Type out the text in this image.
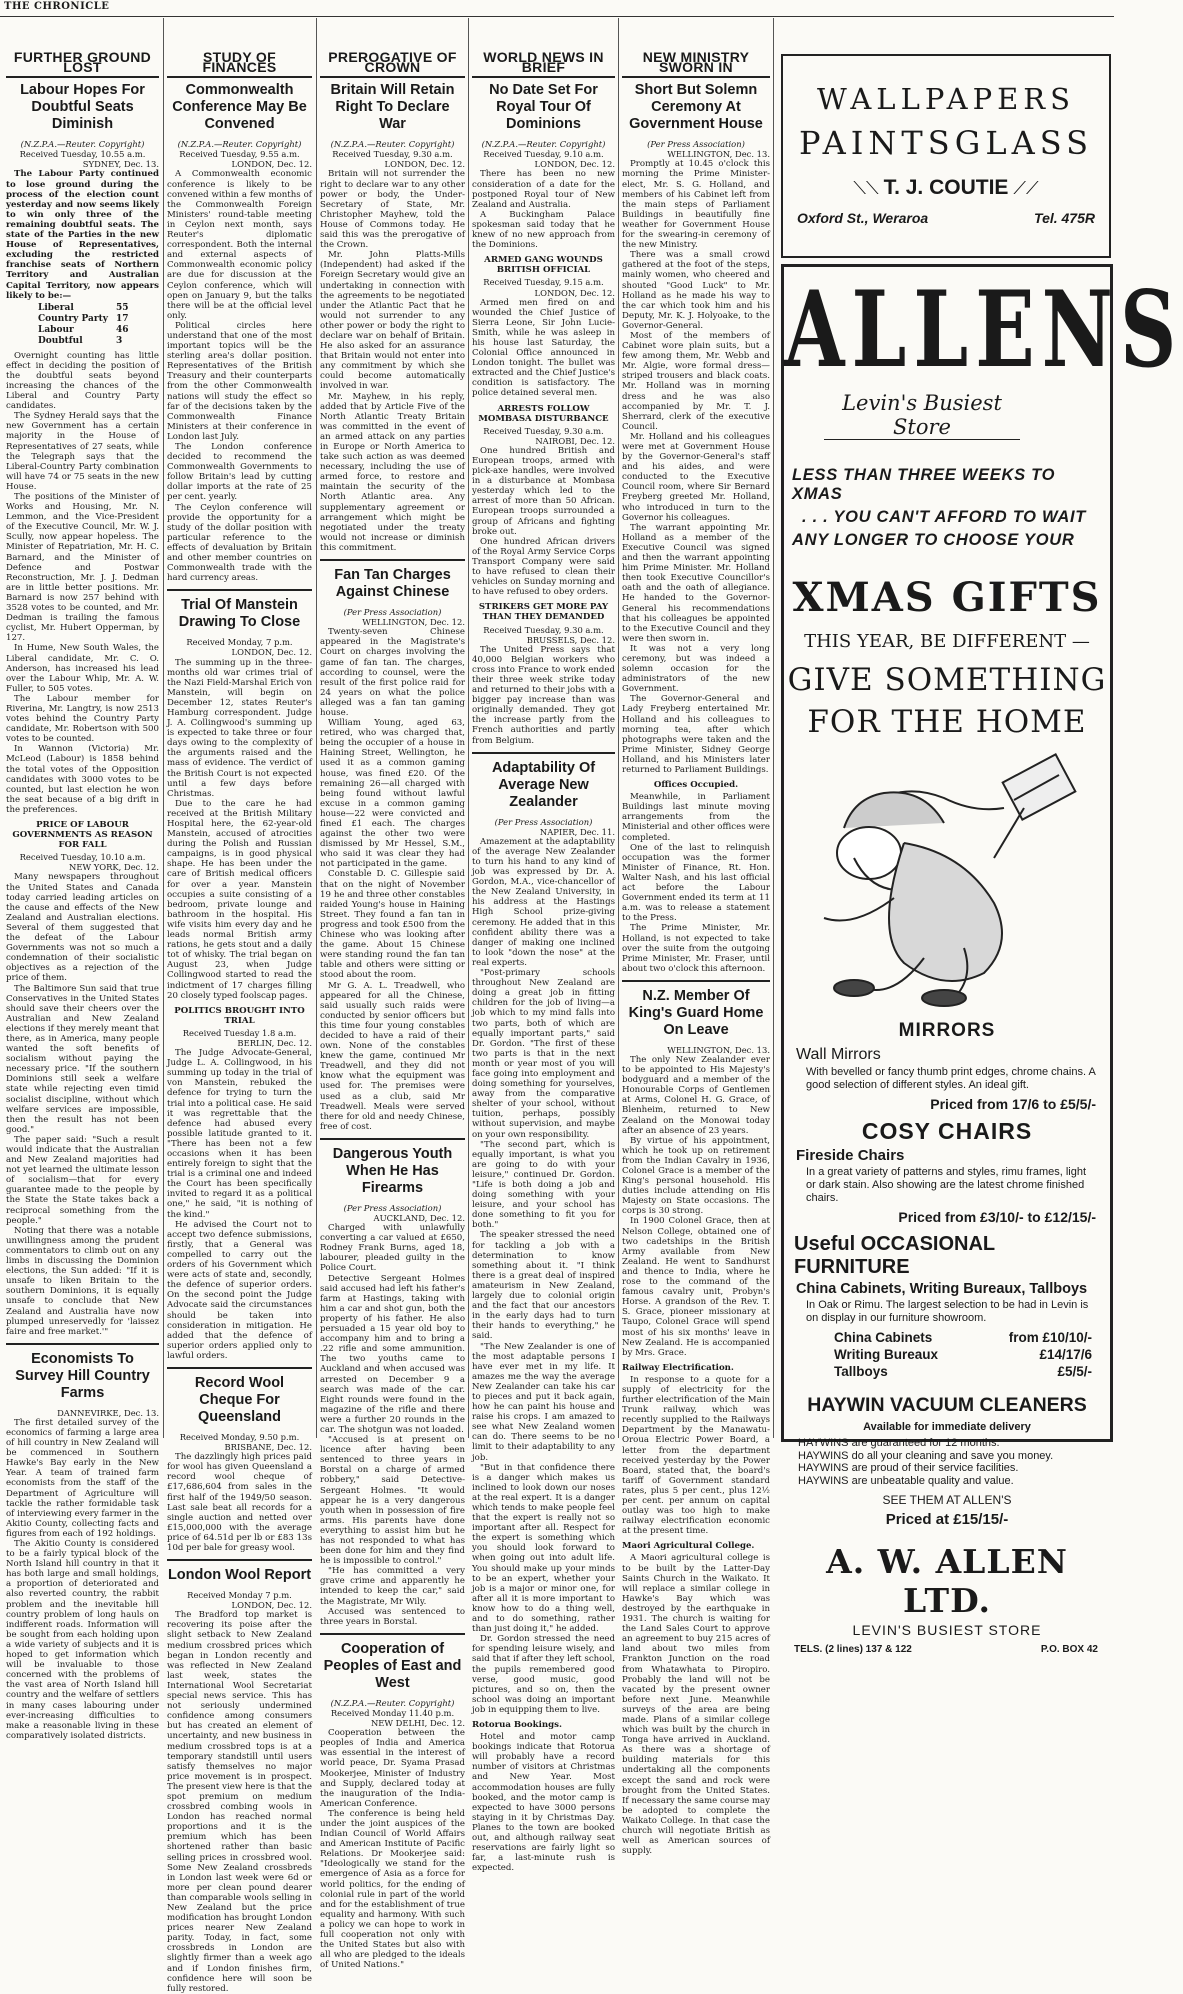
THE CHRONICLE
FURTHER GROUND LOST
Labour Hopes For Doubtful Seats Diminish
(N.Z.P.A.—Reuter. Copyright)
Received Tuesday, 10.55 a.m.
SYDNEY, Dec. 13.

The Labour Party continued to lose ground during the process of the election count yesterday and now seems likely to win only three of the remaining doubtful seats. The state of the Parties in the new House of Representatives, excluding the restricted franchise seats of Northern Territory and Australian Capital Territory, now appears likely to be:—

Liberal	55
Country Party	17
Labour	46
Doubtful	3

Overnight counting has little effect in deciding the position of the doubtful seats beyond increasing the chances of the Liberal and Country Party candidates.

The Sydney Herald says that the new Government has a certain majority in the House of Representatives of 27 seats, while the Telegraph says that the Liberal-Country Party combination will have 74 or 75 seats in the new House.

The positions of the Minister of Works and Housing, Mr. N. Lemmon, and the Vice-President of the Executive Council, Mr. W. J. Scully, now appear hopeless. The Minister of Repatriation, Mr. H. C. Barnard, and the Minister of Defence and Postwar Reconstruction, Mr. J. J. Dedman are in little better positions. Mr. Barnard is now 257 behind with 3528 votes to be counted, and Mr. Dedman is trailing the famous cyclist, Mr. Hubert Opperman, by 127.

In Hume, New South Wales, the Liberal candidate, Mr. C. O. Anderson, has increased his lead over the Labour Whip, Mr. A. W. Fuller, to 505 votes.

The Labour member for Riverina, Mr. Langtry, is now 2513 votes behind the Country Party candidate, Mr. Robertson with 500 votes to be counted.

In Wannon (Victoria) Mr. McLeod (Labour) is 1858 behind the total votes of the Opposition candidates with 3000 votes to be counted, but last election he won the seat because of a big drift in the preferences.

PRICE OF LABOUR GOVERNMENTS AS REASON FOR FALL
Received Tuesday, 10.10 a.m.
NEW YORK, Dec. 12.

Many newspapers throughout the United States and Canada today carried leading articles on the cause and effects of the New Zealand and Australian elections. Several of them suggested that the defeat of the Labour Governments was not so much a condemnation of their socialistic objectives as a rejection of the price of them.

The Baltimore Sun said that true Conservatives in the United States should save their cheers over the Australian and New Zealand elections if they merely meant that there, as in America, many people wanted the soft benefits of socialism without paying the necessary price. "If the southern Dominions still seek a welfare state while rejecting even timid socialist discipline, without which welfare services are impossible, then the result has not been good."

The paper said: "Such a result would indicate that the Australian and New Zealand majorities had not yet learned the ultimate lesson of socialism—that for every guarantee made to the people by the State the State takes back a reciprocal something from the people."

Noting that there was a notable unwillingness among the prudent commentators to climb out on any limbs in discussing the Dominion elections, the Sun added: "If it is unsafe to liken Britain to the southern Dominions, it is equally unsafe to conclude that New Zealand and Australia have now plumped unreservedly for 'laissez faire and free market.'"

Economists To Survey Hill Country Farms
DANNEVIRKE, Dec. 13.

The first detailed survey of the economics of farming a large area of hill country in New Zealand will be commenced in Southern Hawke's Bay early in the New Year. A team of trained farm economists from the staff of the Department of Agriculture will tackle the rather formidable task of interviewing every farmer in the Akitio County, collecting facts and figures from each of 192 holdings.

The Akitio County is considered to be a fairly typical block of the North Island hill country in that it has both large and small holdings, a proportion of deteriorated and also reverted country, the rabbit problem and the inevitable hill country problem of long hauls on indifferent roads. Information will be sought from each holding upon a wide variety of subjects and it is hoped to get information which will be invaluable to those concerned with the problems of the vast area of North Island hill country and the welfare of settlers in many cases labouring under ever-increasing difficulties to make a reasonable living in these comparatively isolated districts.

STUDY OF FINANCES
Commonwealth Conference May Be Convened
(N.Z.P.A.—Reuter. Copyright)
Received Tuesday, 9.55 a.m.
LONDON, Dec. 12.

A Commonwealth economic conference is likely to be convened within a few months of the Commonwealth Foreign Ministers' round-table meeting in Ceylon next month, says Reuter's diplomatic correspondent. Both the internal and external aspects of Commonwealth economic policy are due for discussion at the Ceylon conference, which will open on January 9, but the talks there will be at the official level only.

Political circles here understand that one of the most important topics will be the sterling area's dollar position. Representatives of the British Treasury and their counterparts from the other Commonwealth nations will study the effect so far of the decisions taken by the Commonwealth Finance Ministers at their conference in London last July.

The London conference decided to recommend the Commonwealth Governments to follow Britain's lead by cutting dollar imports at the rate of 25 per cent. yearly.

The Ceylon conference will provide the opportunity for a study of the dollar position with particular reference to the effects of devaluation by Britain and other member countries on Commonwealth trade with the hard currency areas.

Trial Of Manstein Drawing To Close
Received Monday, 7 p.m.
LONDON, Dec. 12.

The summing up in the three-months old war crimes trial of the Nazi Field-Marshal Erich von Manstein, will begin on December 12, states Reuter's Hamburg correspondent. Judge J. A. Collingwood's summing up is expected to take three or four days owing to the complexity of the arguments raised and the mass of evidence. The verdict of the British Court is not expected until a few days before Christmas.

Due to the care he had received at the British Military Hospital here, the 62-year-old Manstein, accused of atrocities during the Polish and Russian campaigns, is in good physical shape. He has been under the care of British medical officers for over a year. Manstein occupies a suite consisting of a bedroom, private lounge and bathroom in the hospital. His wife visits him every day and he leads normal British army rations, he gets stout and a daily tot of whisky. The trial began on August 23, when Judge Collingwood started to read the indictment of 17 charges filling 20 closely typed foolscap pages.

POLITICS BROUGHT INTO TRIAL
Received Tuesday 1.8 a.m.
BERLIN, Dec. 12.

The Judge Advocate-General, Judge L. A. Collingwood, in his summing up today in the trial of von Manstein, rebuked the defence for trying to turn the trial into a political case. He said it was regrettable that the defence had abused every possible latitude granted to it. "There has been not a few occasions when it has been entirely foreign to sight that the trial is a criminal one and indeed the Court has been specifically invited to regard it as a political one," he said, "it is nothing of the kind."

He advised the Court not to accept two defence submissions, firstly, that a General was compelled to carry out the orders of his Government which were acts of state and, secondly, the defence of superior orders. On the second point the Judge Advocate said the circumstances should be taken into consideration in mitigation. He added that the defence of superior orders applied only to lawful orders.

Record Wool Cheque For Queensland
Received Monday, 9.50 p.m.
BRISBANE, Dec. 12.

The dazzlingly high prices paid for wool has given Queensland a record wool cheque of £17,686,604 from sales in the first half of the 1949/50 season. Last sale beat all records for a single auction and netted over £15,000,000 with the average price of 64.51d per lb or £83 13s 10d per bale for greasy wool.

London Wool Report
Received Monday 7 p.m.
LONDON, Dec. 12.

The Bradford top market is recovering its poise after the slight setback to New Zealand medium crossbred prices which began in London recently and was reflected in New Zealand last week, states the International Wool Secretariat special news service. This has not seriously undermined confidence among consumers but has created an element of uncertainty, and new business in medium crossbred tops is at a temporary standstill until users satisfy themselves no major price movement is in prospect. The present view here is that the spot premium on medium crossbred combing wools in London has reached normal proportions and it is the premium which has been shortened rather than basic selling prices in crossbred wool. Some New Zealand crossbreds in London last week were 6d or more per clean pound dearer than comparable wools selling in New Zealand but the price modification has brought London prices nearer New Zealand parity. Today, in fact, some crossbreds in London are slightly firmer than a week ago and if London finishes firm, confidence here will soon be fully restored.

PREROGATIVE OF CROWN
Britain Will Retain Right To Declare War
(N.Z.P.A.—Reuter. Copyright)
Received Tuesday, 9.30 a.m.
LONDON, Dec. 12.

Britain will not surrender the right to declare war to any other power or body, the Under-Secretary of State, Mr. Christopher Mayhew, told the House of Commons today. He said this was the prerogative of the Crown.

Mr. John Platts-Mills (Independent) had asked if the Foreign Secretary would give an undertaking in connection with the agreements to be negotiated under the Atlantic Pact that he would not surrender to any other power or body the right to declare war on behalf of Britain. He also asked for an assurance that Britain would not enter into any commitment by which she could become automatically involved in war.

Mr. Mayhew, in his reply, added that by Article Five of the North Atlantic Treaty Britain was committed in the event of an armed attack on any parties in Europe or North America to take such action as was deemed necessary, including the use of armed force, to restore and maintain the security of the North Atlantic area. Any supplementary agreement or arrangement which might be negotiated under the treaty would not increase or diminish this commitment.

Fan Tan Charges Against Chinese
(Per Press Association)
WELLINGTON, Dec. 12.

Twenty-seven Chinese appeared in the Magistrate's Court on charges involving the game of fan tan. The charges, according to counsel, were the result of the first police raid for 24 years on what the police alleged was a fan tan gaming house.

William Young, aged 63, retired, who was charged that, being the occupier of a house in Haining Street, Wellington, he used it as a common gaming house, was fined £20. Of the remaining 26—all charged with being found without lawful excuse in a common gaming house—22 were convicted and fined £1 each. The charges against the other two were dismissed by Mr Hessel, S.M., who said it was clear they had not participated in the game.

Constable D. C. Gillespie said that on the night of November 19 he and three other constables raided Young's house in Haining Street. They found a fan tan in progress and took £500 from the Chinese who was looking after the game. About 15 Chinese were standing round the fan tan table and others were sitting or stood about the room.

Mr G. A. L. Treadwell, who appeared for all the Chinese, said usually such raids were conducted by senior officers but this time four young constables decided to have a raid of their own. None of the constables knew the game, continued Mr Treadwell, and they did not know what the equipment was used for. The premises were used as a club, said Mr Treadwell. Meals were served there for old and needy Chinese, free of cost.

Dangerous Youth When He Has Firearms
(Per Press Association)
AUCKLAND, Dec. 12.

Charged with unlawfully converting a car valued at £650, Rodney Frank Burns, aged 18, labourer, pleaded guilty in the Police Court.

Detective Sergeant Holmes said accused had left his father's farm at Hastings, taking with him a car and shot gun, both the property of his father. He also persuaded a 15 year old boy to accompany him and to bring a .22 rifle and some ammunition. The two youths came to Auckland and when accused was arrested on December 9 a search was made of the car. Eight rounds were found in the magazine of the rifle and there were a further 20 rounds in the car. The shotgun was not loaded.

"Accused is at present on licence after having been sentenced to three years in Borstal on a charge of armed robbery," said Detective-Sergeant Holmes. "It would appear he is a very dangerous youth when in possession of fire arms. His parents have done everything to assist him but he has not responded to what has been done for him and they find he is impossible to control."

"He has committed a very grave crime and apparently he intended to keep the car," said the Magistrate, Mr Wily.

Accused was sentenced to three years in Borstal.

Cooperation of Peoples of East and West
(N.Z.P.A.—Reuter. Copyright)
Received Monday 11.40 p.m.
NEW DELHI, Dec. 12.

Cooperation between the peoples of India and America was essential in the interest of world peace, Dr. Syama Prasad Mookerjee, Minister of Industry and Supply, declared today at the inauguration of the India-American Conference.

The conference is being held under the joint auspices of the Indian Council of World Affairs and American Institute of Pacific Relations. Dr Mookerjee said: "Ideologically we stand for the emergence of Asia as a force for world politics, for the ending of colonial rule in part of the world and for the establishment of true equality and harmony. With such a policy we can hope to work in full cooperation not only with the United States but also with all who are pledged to the ideals of United Nations."

WORLD NEWS IN BRIEF
No Date Set For Royal Tour Of Dominions
(N.Z.P.A.—Reuter. Copyright)
Received Tuesday, 9.10 a.m.
LONDON, Dec. 12.

There has been no new consideration of a date for the postponed Royal tour of New Zealand and Australia.

A Buckingham Palace spokesman said today that he knew of no new approach from the Dominions.

ARMED GANG WOUNDS BRITISH OFFICIAL
Received Tuesday, 9.15 a.m.
LONDON, Dec. 12.

Armed men fired on and wounded the Chief Justice of Sierra Leone, Sir John Lucie-Smith, while he was asleep in his house last Saturday, the Colonial Office announced in London tonight. The bullet was extracted and the Chief Justice's condition is satisfactory. The police detained several men.

ARRESTS FOLLOW MOMBASA DISTURBANCE
Received Tuesday, 9.30 a.m.
NAIROBI, Dec. 12.

One hundred British and European troops, armed with pick-axe handles, were involved in a disturbance at Mombasa yesterday which led to the arrest of more than 50 African. European troops surrounded a group of Africans and fighting broke out.

One hundred African drivers of the Royal Army Service Corps Transport Company were said to have refused to clean their vehicles on Sunday morning and to have refused to obey orders.

STRIKERS GET MORE PAY THAN THEY DEMANDED
Received Tuesday, 9.30 a.m.
BRUSSELS, Dec. 12.

The United Press says that 40,000 Belgian workers who cross into France to work ended their three week strike today and returned to their jobs with a bigger pay increase than was originally demanded. They got the increase partly from the French authorities and partly from Belgium.

Adaptability Of Average New Zealander
(Per Press Association)
NAPIER, Dec. 11.

Amazement at the adaptability of the average New Zealander to turn his hand to any kind of job was expressed by Dr. A. Gordon, M.A., vice-chancellor of the New Zealand University, in his address at the Hastings High School prize-giving ceremony. He added that in this confident ability there was a danger of making one inclined to look "down the nose" at the real experts.

"Post-primary schools throughout New Zealand are doing a great job in fitting children for the job of living—a job which to my mind falls into two parts, both of which are equally important parts," said Dr. Gordon. "The first of these two parts is that in the next month or year most of you will face going into employment and doing something for yourselves, away from the comparative shelter of your school, without tuition, perhaps, possibly without supervision, and maybe on your own responsibility.

"The second part, which is equally important, is what you are going to do with your leisure," continued Dr. Gordon. "Life is both doing a job and doing something with your leisure, and your school has done something to fit you for both."

The speaker stressed the need for tackling a job with a determination to know something about it. "I think there is a great deal of inspired amateurism in New Zealand, largely due to colonial origin and the fact that our ancestors in the early days had to turn their hands to everything," he said.

"The New Zealander is one of the most adaptable persons I have ever met in my life. It amazes me the way the average New Zealander can take his car to pieces and put it back again, how he can paint his house and raise his crops. I am amazed to see what New Zealand women can do. There seems to be no limit to their adaptability to any job.

"But in that confidence there is a danger which makes us inclined to look down our noses at the real expert. It is a danger which tends to make people feel that the expert is really not so important after all. Respect for the expert is something which you should look forward to when going out into adult life. You should make up your minds to be an expert, whether your job is a major or minor one, for after all it is more important to know how to do a thing well, and to do something, rather than just doing it," he added.

Dr. Gordon stressed the need for spending leisure wisely, and said that if after they left school, the pupils remembered good verse, good music, good pictures, and so on, then the school was doing an important job in equipping them to live.

Rotorua Bookings.

Hotel and motor camp bookings indicate that Rotorua will probably have a record number of visitors at Christmas and New Year. Most accommodation houses are fully booked, and the motor camp is expected to have 3000 persons staying in it by Christmas Day. Planes to the town are booked out, and although railway seat reservations are fairly light so far, a last-minute rush is expected.

NEW MINISTRY SWORN IN
Short But Solemn Ceremony At Government House
(Per Press Association)
WELLINGTON, Dec. 13.

Promptly at 10.45 o'clock this morning the Prime Minister-elect, Mr. S. G. Holland, and members of his Cabinet left from the main steps of Parliament Buildings in beautifully fine weather for Government House for the swearing-in ceremony of the new Ministry.

There was a small crowd gathered at the foot of the steps, mainly women, who cheered and shouted "Good Luck" to Mr. Holland as he made his way to the car which took him and his Deputy, Mr. K. J. Holyoake, to the Governor-General.

Most of the members of Cabinet wore plain suits, but a few among them, Mr. Webb and Mr. Algie, wore formal dress—striped trousers and black coats. Mr. Holland was in morning dress and he was also accompanied by Mr. T. J. Sherrard, clerk of the executive Council.

Mr. Holland and his colleagues were met at Government House by the Governor-General's staff and his aides, and were conducted to the Executive Council room, where Sir Bernard Freyberg greeted Mr. Holland, who introduced in turn to the Governor his colleagues.

The warrant appointing Mr. Holland as a member of the Executive Council was signed and then the warrant appointing him Prime Minister. Mr. Holland then took Executive Councillor's oath and the oath of allegiance. He handed to the Governor-General his recommendations that his colleagues be appointed to the Executive Council and they were then sworn in.

It was not a very long ceremony, but was indeed a solemn occasion for the administrators of the new Government.

The Governor-General and Lady Freyberg entertained Mr. Holland and his colleagues to morning tea, after which photographs were taken and the Prime Minister, Sidney George Holland, and his Ministers later returned to Parliament Buildings.

Offices Occupied.

Meanwhile, in Parliament Buildings last minute moving arrangements from the Ministerial and other offices were completed.

One of the last to relinquish occupation was the former Minister of Finance, Rt. Hon. Walter Nash, and his last official act before the Labour Government ended its term at 11 a.m. was to release a statement to the Press.

The Prime Minister, Mr. Holland, is not expected to take over the suite from the outgoing Prime Minister, Mr. Fraser, until about two o'clock this afternoon.

N.Z. Member Of King's Guard Home On Leave
WELLINGTON, Dec. 13.

The only New Zealander ever to be appointed to His Majesty's bodyguard and a member of the Honourable Corps of Gentlemen at Arms, Colonel H. G. Grace, of Blenheim, returned to New Zealand on the Monowai today after an absence of 23 years.

By virtue of his appointment, which he took up on retirement from the Indian Cavalry in 1936, Colonel Grace is a member of the King's personal household. His duties include attending on His Majesty on State occasions. The corps is 30 strong.

In 1900 Colonel Grace, then at Nelson College, obtained one of two cadetships in the British Army available from New Zealand. He went to Sandhurst and thence to India, where he rose to the command of the famous cavalry unit, Probyn's Horse. A grandson of the Rev. T. S. Grace, pioneer missionary at Taupo, Colonel Grace will spend most of his six months' leave in New Zealand. He is accompanied by Mrs. Grace.

Railway Electrification.

In response to a quote for a supply of electricity for the further electrification of the Main Trunk railway, which was recently supplied to the Railways Department by the Manawatu-Oroua Electric Power Board, a letter from the department received yesterday by the Power Board, stated that, the board's tariff of Government standard rates, plus 5 per cent., plus 12½ per cent. per annum on capital outlay was too high to make railway electrification economic at the present time.

Maori Agricultural College.

A Maori agricultural college is to be built by the Latter-Day Saints Church in the Waikato. It will replace a similar college in Hawke's Bay which was destroyed by the earthquake in 1931. The church is waiting for the Land Sales Court to approve an agreement to buy 215 acres of land about two miles from Frankton Junction on the road from Whatawhata to Piropiro. Probably the land will not be vacated by the present owner before next June. Meanwhile surveys of the area are being made. Plans of a similar college which was built by the church in Tonga have arrived in Auckland. As there was a shortage of building materials for this undertaking all the components except the sand and rock were brought from the United States. If necessary the same course may be adopted to complete the Waikato College. In that case the church will negotiate British as well as American sources of supply.

WALLPAPERS
PAINTS GLASS
⟍⟍ T. J. COUTIE ⟋⟋
Oxford St., Weraroa	Tel. 475R
ALLENS
Levin's Busiest Store
LESS THAN THREE WEEKS TO XMAS
. . . YOU CAN'T AFFORD TO WAIT
ANY LONGER TO CHOOSE YOUR
XMAS GIFTS
THIS YEAR, BE DIFFERENT —
GIVE SOMETHING
FOR THE HOME
MIRRORS
Wall Mirrors
With bevelled or fancy thumb print edges, chrome chains. A good selection of different styles. An ideal gift.
Priced from 17/6 to £5/5/-
COSY CHAIRS
Fireside Chairs
In a great variety of patterns and styles, rimu frames, light or dark stain. Also showing are the latest chrome finished chairs.
Priced from £3/10/- to £12/15/-
Useful OCCASIONAL FURNITURE
China Cabinets, Writing Bureaux, Tallboys
In Oak or Rimu. The largest selection to be had in Levin is on display in our furniture showroom.
China Cabinets	from £10/10/-
Writing Bureaux	£14/17/6
Tallboys	£5/5/-
HAYWIN VACUUM CLEANERS
Available for immediate delivery
HAYWINS are guaranteed for 12 months.
HAYWINS do all your cleaning and save you money.
HAYWINS are proud of their service facilities.
HAYWINS are unbeatable quality and value.
SEE THEM AT ALLEN'S
Priced at £15/15/-
A. W. ALLEN LTD.
LEVIN'S BUSIEST STORE
TELS. (2 lines) 137 & 122	P.O. BOX 42
